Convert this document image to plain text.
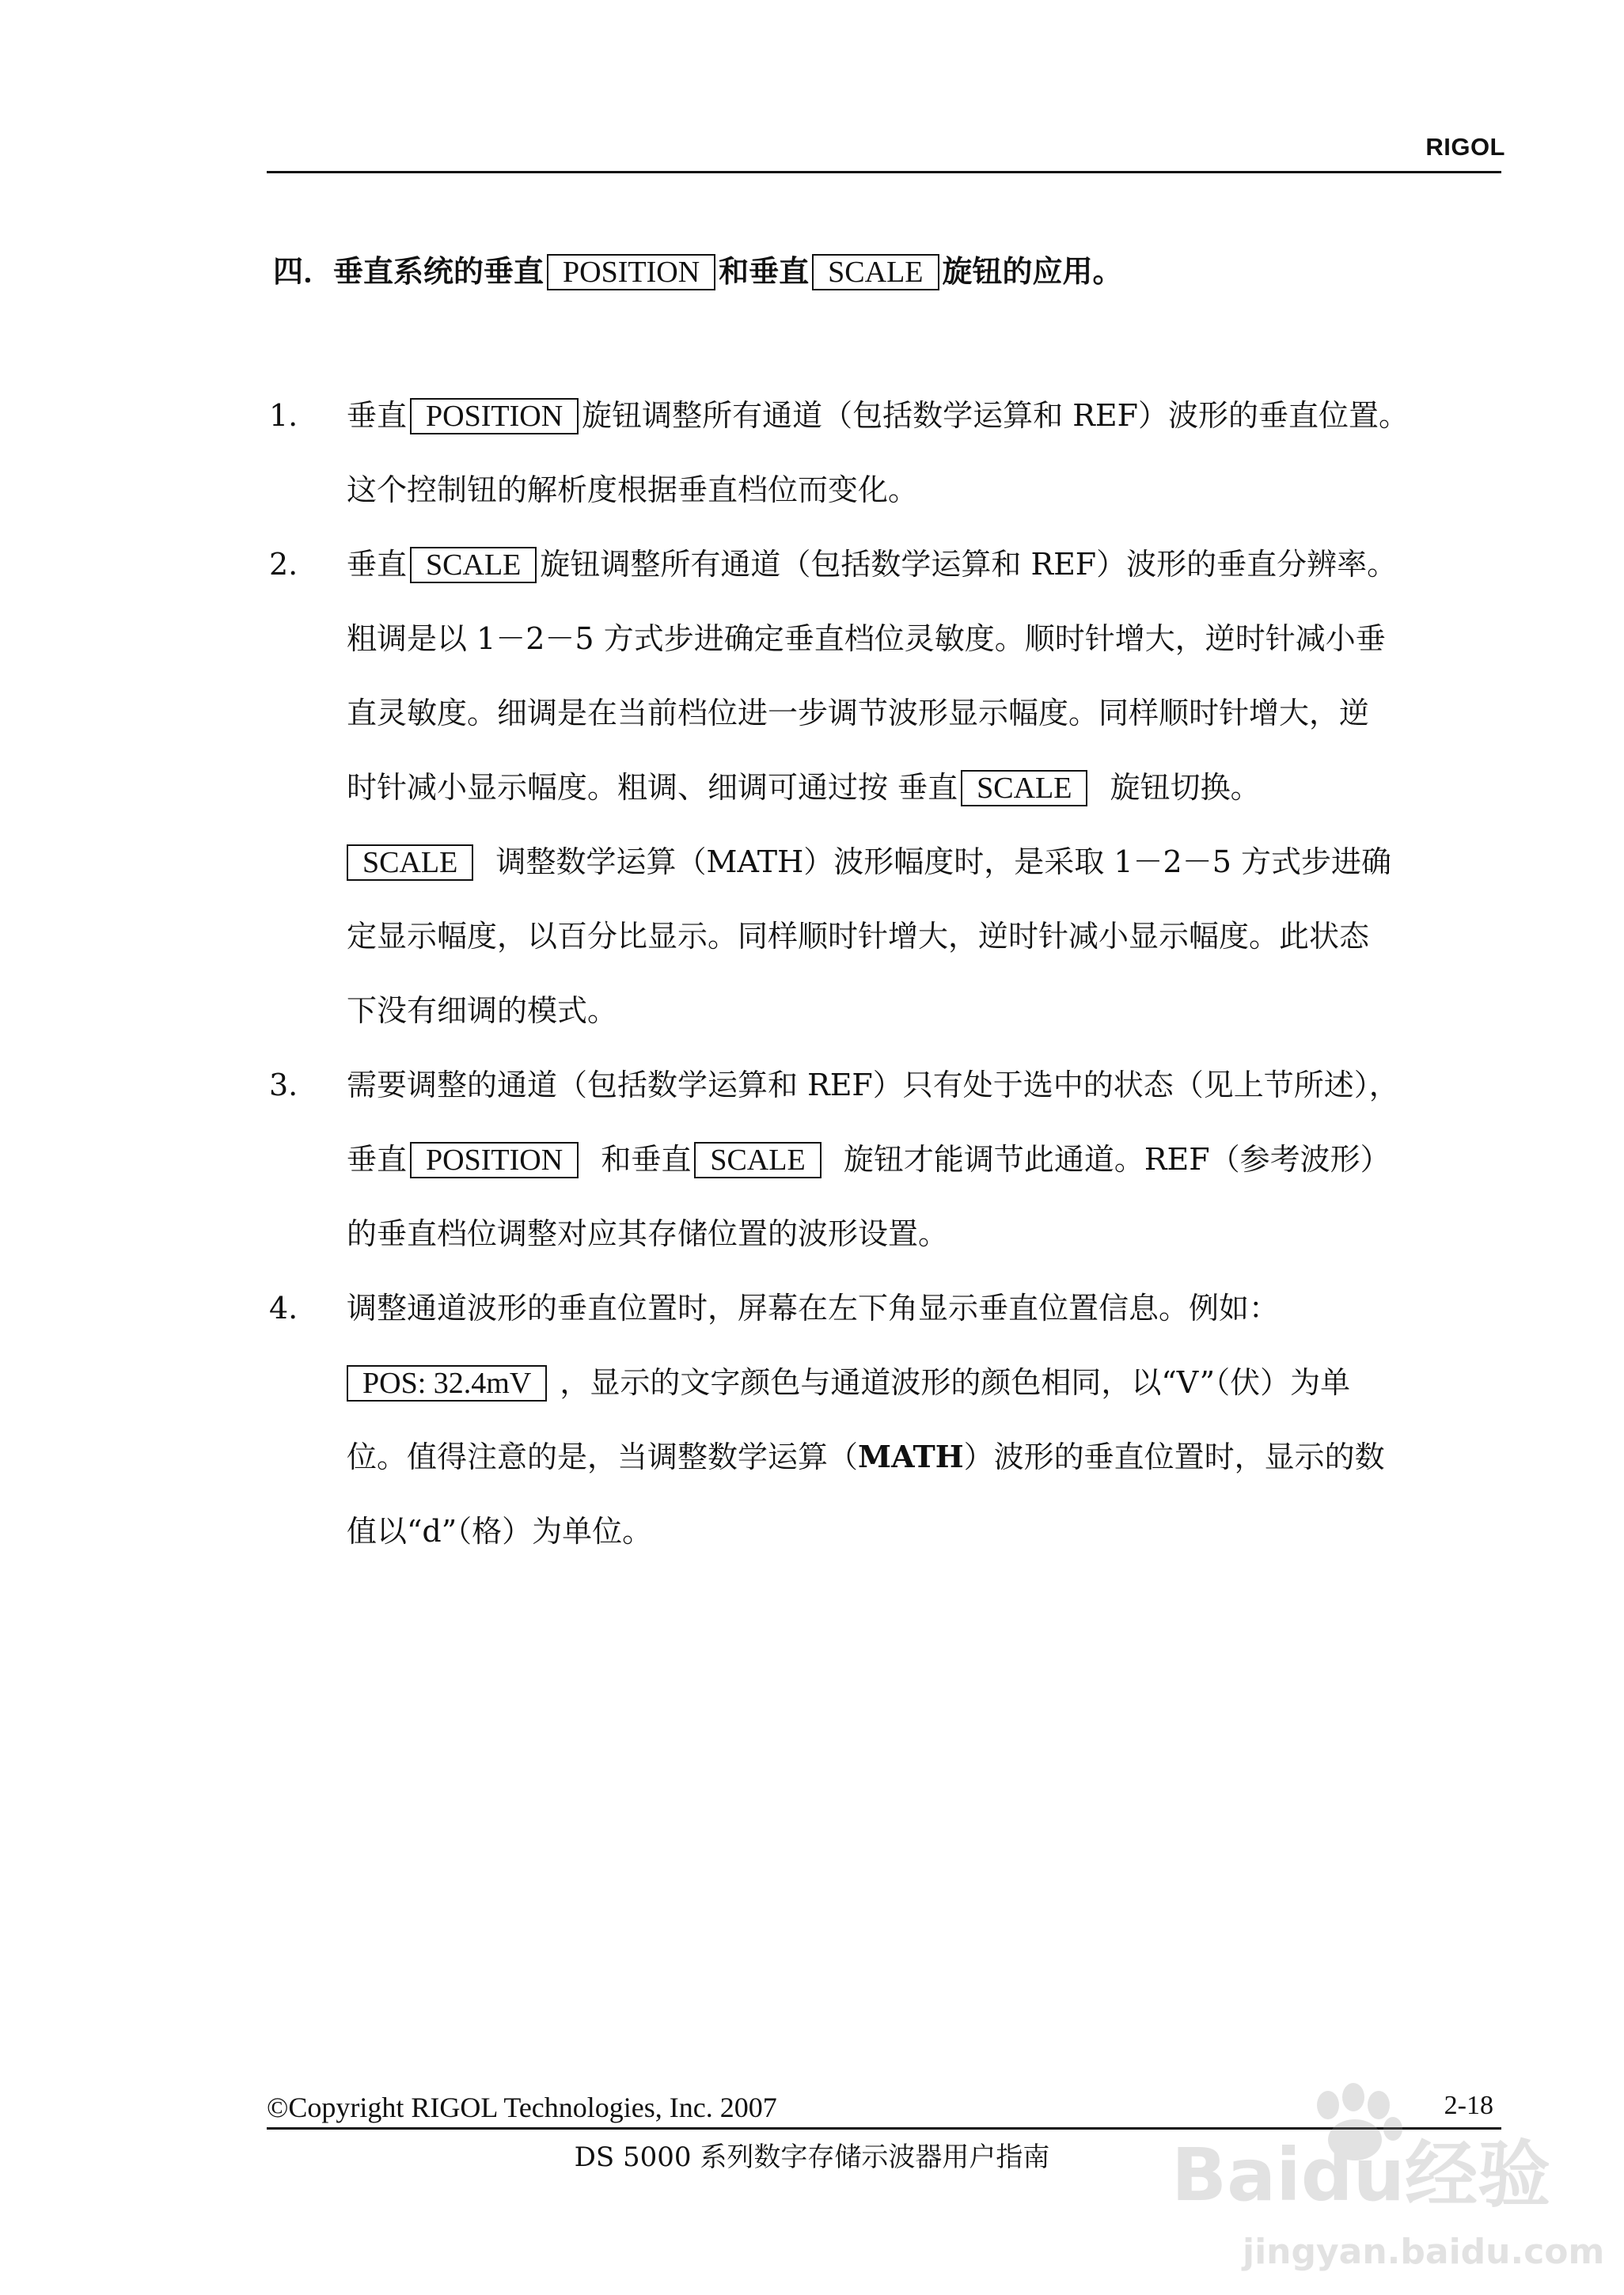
RIGOL
四．垂直系统的垂直 POSITION 和垂直 SCALE 旋钮的应用。
1. 垂直 POSITION 旋钮调整所有通道（包括数学运算和 REF）波形的垂直位置。
这个控制钮的解析度根据垂直档位而变化。
2. 垂直 SCALE 旋钮调整所有通道（包括数学运算和 REF）波形的垂直分辨率。
粗调是以 1－2－5 方式步进确定垂直档位灵敏度。顺时针增大，逆时针减小垂
直灵敏度。细调是在当前档位进一步调节波形显示幅度。同样顺时针增大，逆
时针减小显示幅度。粗调、细调可通过按 垂直 SCALE 旋钮切换。
SCALE 调整数学运算（MATH）波形幅度时，是采取 1－2－5 方式步进确
定显示幅度，以百分比显示。同样顺时针增大，逆时针减小显示幅度。此状态
下没有细调的模式。
3. 需要调整的通道（包括数学运算和 REF）只有处于选中的状态（见上节所述），
垂直 POSITION 和垂直 SCALE 旋钮才能调节此通道。REF（参考波形）
的垂直档位调整对应其存储位置的波形设置。
4. 调整通道波形的垂直位置时，屏幕在左下角显示垂直位置信息。例如：
POS: 32.4mV ，显示的文字颜色与通道波形的颜色相同，以“V”（伏）为单
位。值得注意的是，当调整数学运算（MATH）波形的垂直位置时，显示的数
值以“d”（格）为单位。
©Copyright RIGOL Technologies, Inc. 2007	2-18
DS 5000 系列数字存储示波器用户指南	Baidu经验
jingyan.baidu.com
